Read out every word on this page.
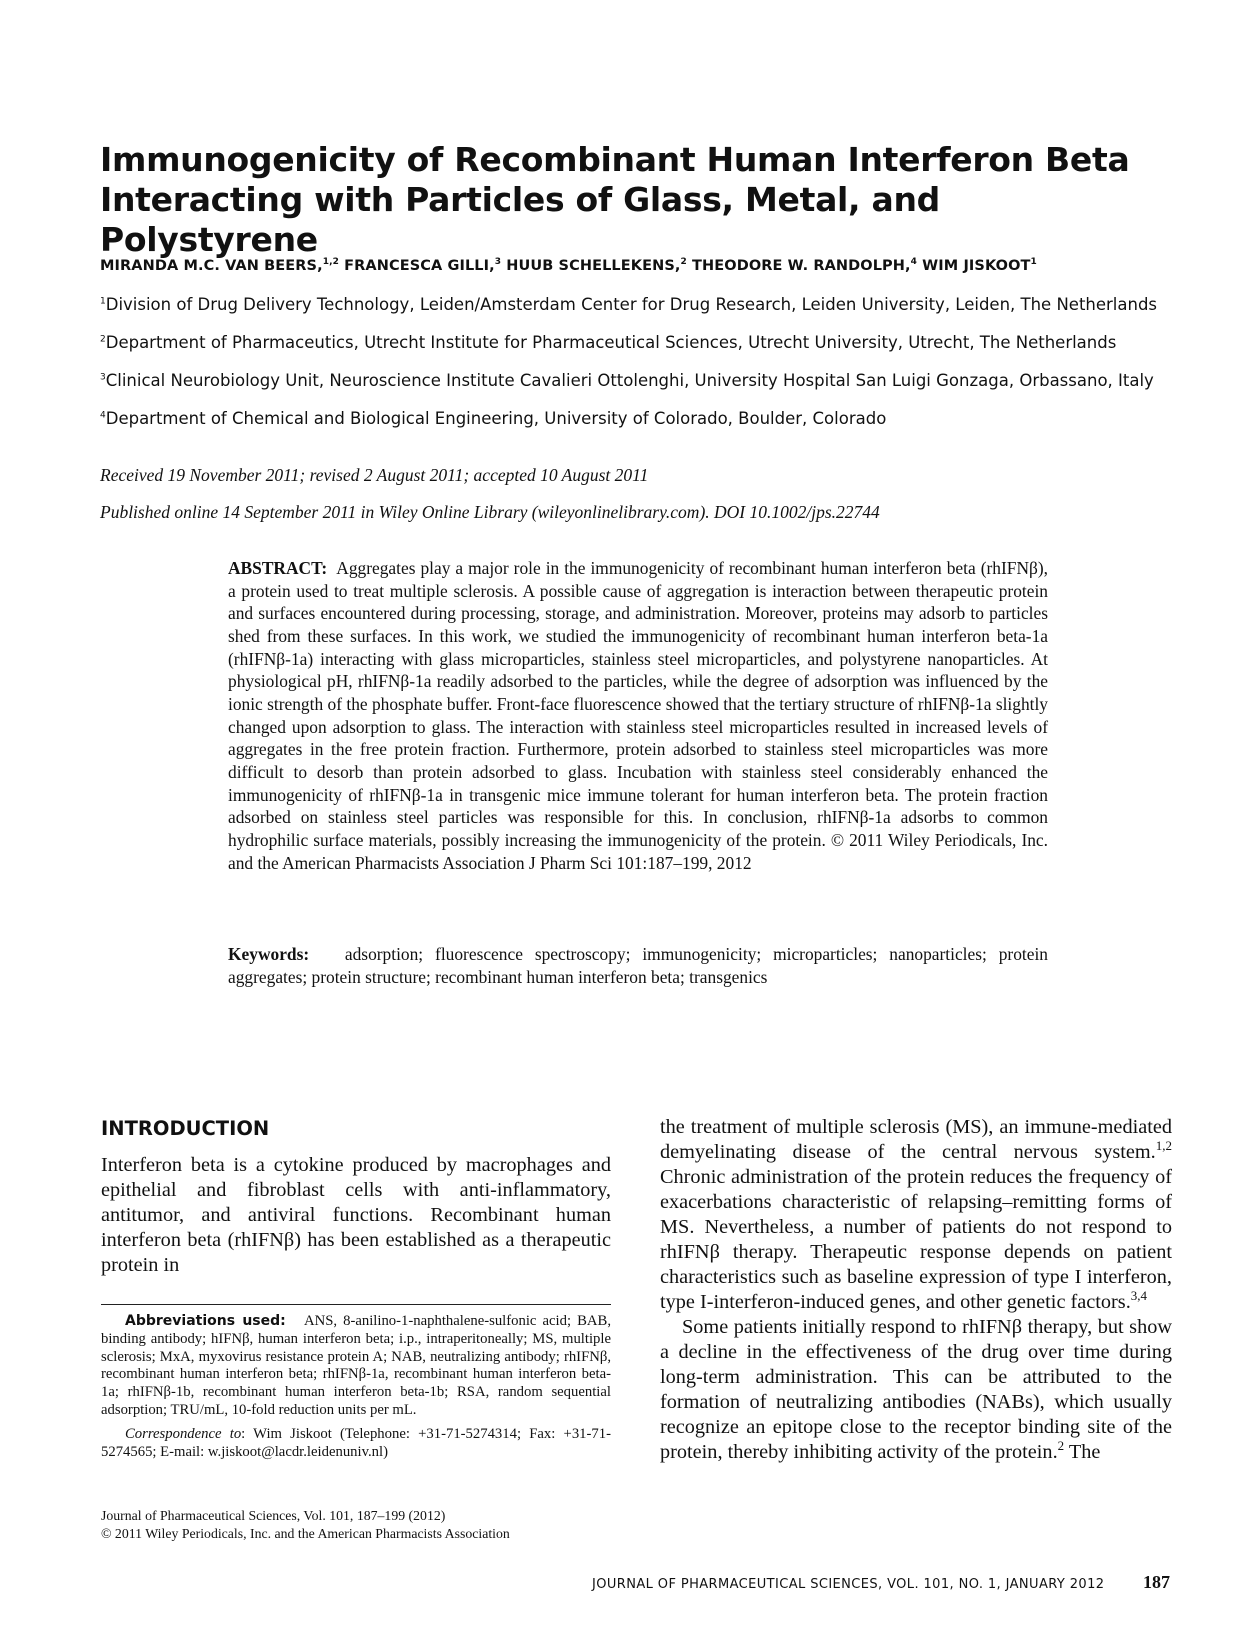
Immunogenicity of Recombinant Human Interferon Beta
Interacting with Particles of Glass, Metal, and Polystyrene
MIRANDA M.C. VAN BEERS,$^{1,2}$ FRANCESCA GILLI,$^3$ HUUB SCHELLEKENS,$^2$ THEODORE W. RANDOLPH,$^4$ WIM JISKOOT$^1$
$^1$Division of Drug Delivery Technology, Leiden/Amsterdam Center for Drug Research, Leiden University, Leiden, The Netherlands
$^2$Department of Pharmaceutics, Utrecht Institute for Pharmaceutical Sciences, Utrecht University, Utrecht, The Netherlands
$^3$Clinical Neurobiology Unit, Neuroscience Institute Cavalieri Ottolenghi, University Hospital San Luigi Gonzaga, Orbassano, Italy
$^4$Department of Chemical and Biological Engineering, University of Colorado, Boulder, Colorado
Received 19 November 2011; revised 2 August 2011; accepted 10 August 2011
Published online 14 September 2011 in Wiley Online Library (wileyonlinelibrary.com). DOI 10.1002/jps.22744
ABSTRACT: Aggregates play a major role in the immunogenicity of recombinant human interferon beta (rhIFNβ), a protein used to treat multiple sclerosis. A possible cause of aggregation is interaction between therapeutic protein and surfaces encountered during processing, storage, and administration. Moreover, proteins may adsorb to particles shed from these surfaces. In this work, we studied the immunogenicity of recombinant human interferon beta-1a (rhIFNβ-1a) interacting with glass microparticles, stainless steel microparticles, and polystyrene nanoparticles. At physiological pH, rhIFNβ-1a readily adsorbed to the particles, while the degree of adsorption was influenced by the ionic strength of the phosphate buffer. Front-face fluorescence showed that the tertiary structure of rhIFNβ-1a slightly changed upon adsorption to glass. The interaction with stainless steel microparticles resulted in increased levels of aggregates in the free protein fraction. Furthermore, protein adsorbed to stainless steel microparticles was more difficult to desorb than protein adsorbed to glass. Incubation with stainless steel considerably enhanced the immunogenicity of rhIFNβ-1a in transgenic mice immune tolerant for human interferon beta. The protein fraction adsorbed on stainless steel particles was responsible for this. In conclusion, rhIFNβ-1a adsorbs to common hydrophilic surface materials, possibly increasing the immunogenicity of the protein. © 2011 Wiley Periodicals, Inc. and the American Pharmacists Association J Pharm Sci 101:187–199, 2012
Keywords: adsorption; fluorescence spectroscopy; immunogenicity; microparticles; nanoparticles; protein aggregates; protein structure; recombinant human interferon beta; transgenics
INTRODUCTION
Interferon beta is a cytokine produced by macrophages and epithelial and fibroblast cells with anti-inflammatory, antitumor, and antiviral functions. Recombinant human interferon beta (rhIFNβ) has been established as a therapeutic protein in

the treatment of multiple sclerosis (MS), an immune-mediated demyelinating disease of the central nervous system.$^{1,2}$ Chronic administration of the protein reduces the frequency of exacerbations characteristic of relapsing–remitting forms of MS. Nevertheless, a number of patients do not respond to rhIFNβ therapy. Therapeutic response depends on patient characteristics such as baseline expression of type I interferon, type I-interferon-induced genes, and other genetic factors.$^{3,4}$

Some patients initially respond to rhIFNβ therapy, but show a decline in the effectiveness of the drug over time during long-term administration. This can be attributed to the formation of neutralizing antibodies (NABs), which usually recognize an epitope close to the receptor binding site of the protein, thereby inhibiting activity of the protein.$^2$ The

Abbreviations used: ANS, 8-anilino-1-naphthalene-sulfonic acid; BAB, binding antibody; hIFNβ, human interferon beta; i.p., intraperitoneally; MS, multiple sclerosis; MxA, myxovirus resistance protein A; NAB, neutralizing antibody; rhIFNβ, recombinant human interferon beta; rhIFNβ-1a, recombinant human interferon beta-1a; rhIFNβ-1b, recombinant human interferon beta-1b; RSA, random sequential adsorption; TRU/mL, 10-fold reduction units per mL.

Correspondence to: Wim Jiskoot (Telephone: +31-71-5274314; Fax: +31-71-5274565; E-mail: w.jiskoot@lacdr.leidenuniv.nl)

Journal of Pharmaceutical Sciences, Vol. 101, 187–199 (2012)
© 2011 Wiley Periodicals, Inc. and the American Pharmacists Association
JOURNAL OF PHARMACEUTICAL SCIENCES, VOL. 101, NO. 1, JANUARY 2012 187
